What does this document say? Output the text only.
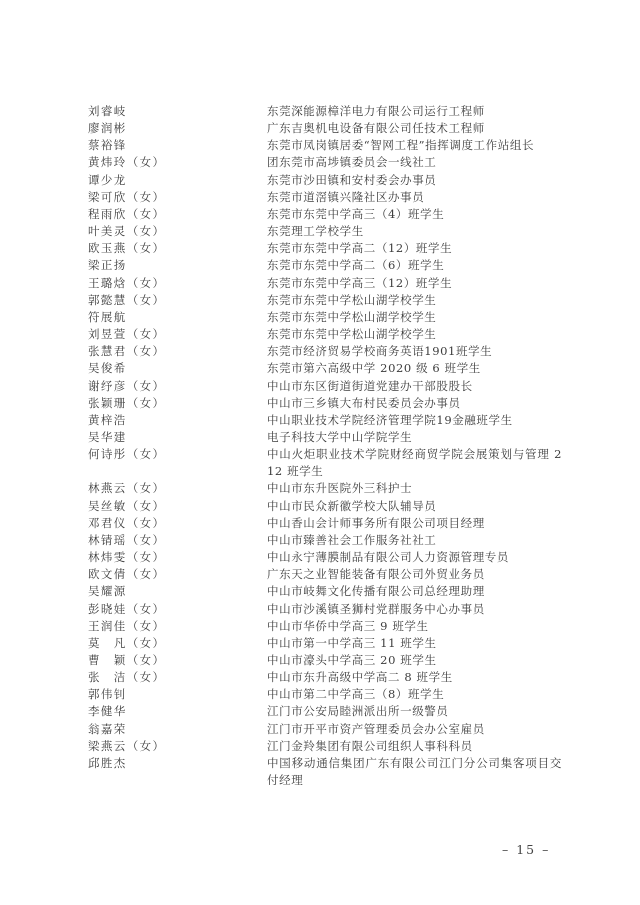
刘睿岐	东莞深能源樟洋电力有限公司运行工程师
廖润彬	广东吉奥机电设备有限公司任技术工程师
蔡裕锋	东莞市凤岗镇居委“智网工程”指挥调度工作站组长
黄炜玲（女）	团东莞市高埗镇委员会一线社工
谭少龙	东莞市沙田镇和安村委会办事员
梁可欣（女）	东莞市道滘镇兴隆社区办事员
程雨欣（女）	东莞市东莞中学高三（4）班学生
叶美灵（女）	东莞理工学校学生
欧玉燕（女）	东莞市东莞中学高二（12）班学生
梁正扬	东莞市东莞中学高二（6）班学生
王璐焓（女）	东莞市东莞中学高三（12）班学生
郭懿慧（女）	东莞市东莞中学松山湖学校学生
符展航	东莞市东莞中学松山湖学校学生
刘昱萱（女）	东莞市东莞中学松山湖学校学生
张慧君（女）	东莞市经济贸易学校商务英语1901班学生
吴俊希	东莞市第六高级中学 2020 级 6 班学生
谢纾彦（女）	中山市东区街道街道党建办干部股股长
张颖珊（女）	中山市三乡镇大布村民委员会办事员
黄梓浩	中山职业技术学院经济管理学院19金融班学生
吴华建	电子科技大学中山学院学生
何诗彤（女）	中山火炬职业技术学院财经商贸学院会展策划与管理 212 班学生
林燕云（女）	中山市东升医院外三科护士
吴丝敏（女）	中山市民众新徽学校大队辅导员
邓君仪（女）	中山香山会计师事务所有限公司项目经理
林锖瑶（女）	中山市臻善社会工作服务社社工
林炜雯（女）	中山永宁薄膜制品有限公司人力资源管理专员
欧文倩（女）	广东天之业智能装备有限公司外贸业务员
吴耀源	中山市岐舞文化传播有限公司总经理助理
彭晓娃（女）	中山市沙溪镇圣狮村党群服务中心办事员
王润佳（女）	中山市华侨中学高三 9 班学生
莫　凡（女）	中山市第一中学高三 11 班学生
曹　颖（女）	中山市濠头中学高三 20 班学生
张　洁（女）	中山市东升高级中学高二 8 班学生
郭伟钊	中山市第二中学高三（8）班学生
李健华	江门市公安局睦洲派出所一级警员
翁嘉荣	江门市开平市资产管理委员会办公室雇员
梁燕云（女）	江门金羚集团有限公司组织人事科科员
邱胜杰	中国移动通信集团广东有限公司江门分公司集客项目交付经理
– 15 –
